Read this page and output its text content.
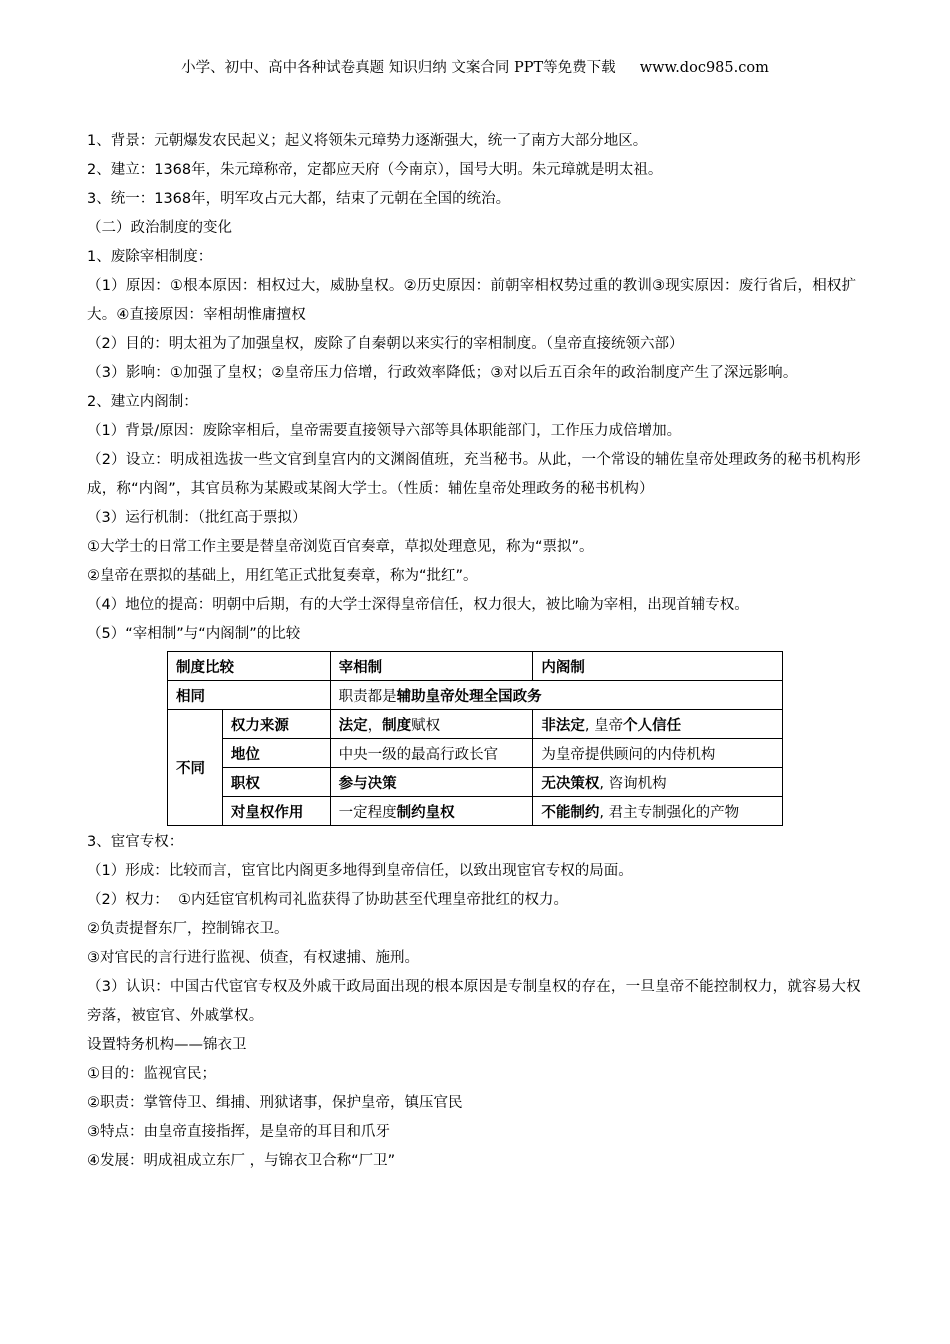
小学、初中、高中各种试卷真题 知识归纳 文案合同 PPT等免费下载 www.doc985.com
1、背景：元朝爆发农民起义；起义将领朱元璋势力逐渐强大，统一了南方大部分地区。
2、建立：1368年，朱元璋称帝，定都应天府（今南京），国号大明。朱元璋就是明太祖。
3、统一：1368年，明军攻占元大都，结束了元朝在全国的统治。
（二）政治制度的变化
1、废除宰相制度：
（1）原因：①根本原因：相权过大，威胁皇权。②历史原因：前朝宰相权势过重的教训③现实原因：废行省后，相权扩大。④直接原因：宰相胡惟庸擅权
（2）目的：明太祖为了加强皇权，废除了自秦朝以来实行的宰相制度。（皇帝直接统领六部）
（3）影响：①加强了皇权；②皇帝压力倍增，行政效率降低；③对以后五百余年的政治制度产生了深远影响。
2、建立内阁制：
（1）背景/原因：废除宰相后，皇帝需要直接领导六部等具体职能部门，工作压力成倍增加。
（2）设立：明成祖选拔一些文官到皇宫内的文渊阁值班，充当秘书。从此，一个常设的辅佐皇帝处理政务的秘书机构形成，称“内阁”，其官员称为某殿或某阁大学士。（性质：辅佐皇帝处理政务的秘书机构）
（3）运行机制：（批红高于票拟）
①大学士的日常工作主要是替皇帝浏览百官奏章，草拟处理意见，称为“票拟”。
②皇帝在票拟的基础上，用红笔正式批复奏章，称为“批红”。
（4）地位的提高：明朝中后期，有的大学士深得皇帝信任，权力很大，被比喻为宰相，出现首辅专权。
（5）“宰相制”与“内阁制”的比较
制度比较		宰相制	内阁制
相同		职责都是辅助皇帝处理全国政务	
不同	权力来源	法定，制度赋权	非法定, 皇帝个人信任
	地位	中央一级的最高行政长官	为皇帝提供顾问的内侍机构
	职权	参与决策	无决策权, 咨询机构
	对皇权作用	一定程度制约皇权	不能制约, 君主专制强化的产物
3、宦官专权：
（1）形成：比较而言，宦官比内阁更多地得到皇帝信任，以致出现宦官专权的局面。
（2）权力：  ①内廷宦官机构司礼监获得了协助甚至代理皇帝批红的权力。
②负责提督东厂，控制锦衣卫。
③对官民的言行进行监视、侦查，有权逮捕、施刑。
（3）认识：中国古代宦官专权及外戚干政局面出现的根本原因是专制皇权的存在，一旦皇帝不能控制权力，就容易大权旁落，被宦官、外戚掌权。
设置特务机构——锦衣卫
①目的：监视官民；
②职责：掌管侍卫、缉捕、刑狱诸事，保护皇帝，镇压官民
③特点：由皇帝直接指挥，是皇帝的耳目和爪牙
④发展：明成祖成立东厂 ，与锦衣卫合称“厂卫”
